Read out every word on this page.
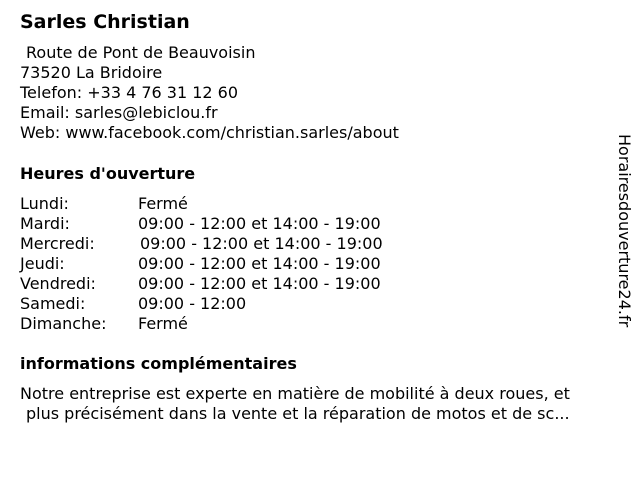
Sarles Christian
Route de Pont de Beauvoisin
73520 La Bridoire
Telefon: +33 4 76 31 12 60
Email: sarles@lebiclou.fr
Web: www.facebook.com/christian.sarles/about
Heures d'ouverture
Lundi:	Fermé
Mardi:	09:00 - 12:00 et 14:00 - 19:00
Mercredi:	09:00 - 12:00 et 14:00 - 19:00
Jeudi:	09:00 - 12:00 et 14:00 - 19:00
Vendredi:	09:00 - 12:00 et 14:00 - 19:00
Samedi:	09:00 - 12:00
Dimanche:	Fermé
informations complémentaires
Notre entreprise est experte en matière de mobilité à deux roues, et
plus précisément dans la vente et la réparation de motos et de sc...
Horairesdouverture24.fr
